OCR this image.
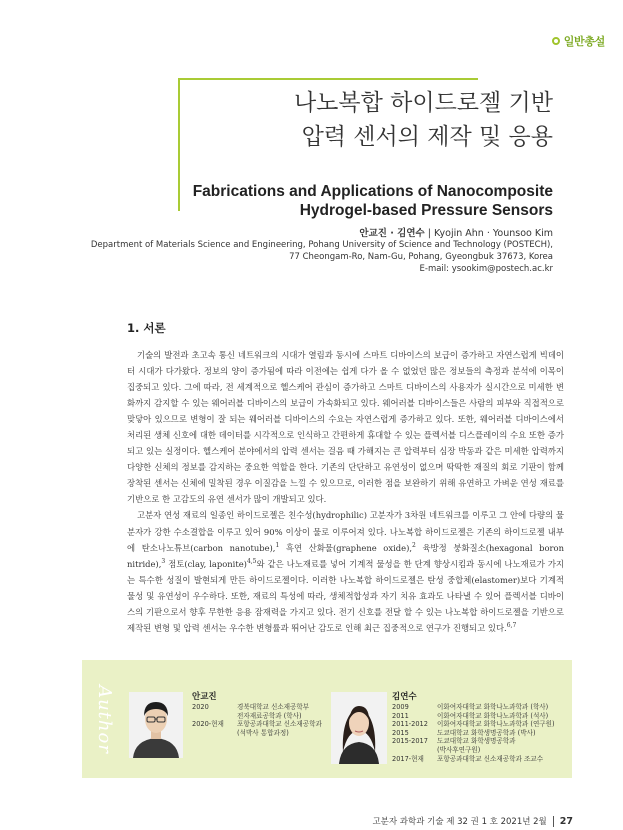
일반총설
나노복합 하이드로젤 기반
압력 센서의 제작 및 응용
Fabrications and Applications of Nanocomposite
Hydrogel-based Pressure Sensors
안교진 · 김연수 | Kyojin Ahn · Younsoo Kim
Department of Materials Science and Engineering, Pohang University of Science and Technology (POSTECH),
77 Cheongam-Ro, Nam-Gu, Pohang, Gyeongbuk 37673, Korea
E-mail: ysookim@postech.ac.kr
1. 서론

기술의 발전과 초고속 통신 네트워크의 시대가 열림과 동시에 스마트 디바이스의 보급이 증가하고 자연스럽게 빅데이터 시대가 다가왔다. 정보의 양이 증가됨에 따라 이전에는 쉽게 다가 올 수 없었던 많은 정보들의 측정과 분석에 이목이 집중되고 있다. 그에 따라, 전 세계적으로 헬스케어 관심이 증가하고 스마트 디바이스의 사용자가 실시간으로 미세한 변화까지 감지할 수 있는 웨어러블 디바이스의 보급이 가속화되고 있다. 웨어러블 디바이스들은 사람의 피부와 직접적으로 맞닿아 있으므로 변형이 잘 되는 웨어러블 디바이스의 수요는 자연스럽게 증가하고 있다. 또한, 웨어러블 디바이스에서 처리된 생체 신호에 대한 데이터를 시각적으로 인식하고 간편하게 휴대할 수 있는 플렉서블 디스플레이의 수요 또한 증가되고 있는 실정이다. 헬스케어 분야에서의 압력 센서는 걸음 때 가해지는 큰 압력부터 심장 박동과 같은 미세한 압력까지 다양한 신체의 정보를 감지하는 중요한 역할을 한다. 기존의 단단하고 유연성이 없으며 딱딱한 재질의 회로 기판이 함께 장착된 센서는 신체에 밀착된 경우 이질감을 느낄 수 있으므로, 이러한 점을 보완하기 위해 유연하고 가벼운 연성 재료를 기반으로 한 고감도의 유연 센서가 많이 개발되고 있다.

고분자 연성 재료의 일종인 하이드로젤은 친수성(hydrophilic) 고분자가 3차원 네트워크를 이루고 그 안에 다량의 물 분자가 강한 수소결합을 이루고 있어 90% 이상이 물로 이루어져 있다. 나노복합 하이드로젤은 기존의 하이드로젤 내부에 탄소나노튜브(carbon nanotube),$^1$ 흑연 산화물(graphene oxide),$^2$ 육방정 붕화질소(hexagonal boron nitride),$^3$ 점토(clay, laponite)$^{4,5}$와 같은 나노재료를 넣어 기계적 물성을 한 단계 향상시킴과 동시에 나노재료가 가지는 특수한 성질이 발현되게 만든 하이드로젤이다. 이러한 나노복합 하이드로젤은 탄성 중합체(elastomer)보다 기계적 물성 및 유연성이 우수하다. 또한, 재료의 특성에 따라, 생체적합성과 자기 치유 효과도 나타낼 수 있어 플렉서블 디바이스의 기판으로서 향후 무한한 응용 잠재력을 가지고 있다. 전기 신호를 전달 할 수 있는 나노복합 하이드로젤을 기반으로 제작된 변형 및 압력 센서는 우수한 변형률과 뛰어난 감도로 인해 최근 집중적으로 연구가 진행되고 있다.$^{6,7}$

Author	안교진
2020	경북대학교 신소재공학부
전자재료공학과 (학사)
2020-현재	포항공과대학교 신소재공학과
(석박사 통합과정)
김연수
2009	이화여자대학교 화학나노과학과 (학사)
2011	이화여자대학교 화학나노과학과 (석사)
2011-2012	이화여자대학교 화학나노과학과 (연구원)
2015	도쿄대학교 화학생명공학과 (박사)
2015-2017	도쿄대학교 화학생명공학과
(박사후연구원)
2017-현재	포항공과대학교 신소재공학과 조교수
고분자 과학과 기술 제 32 권 1 호 2021년 2월 27
